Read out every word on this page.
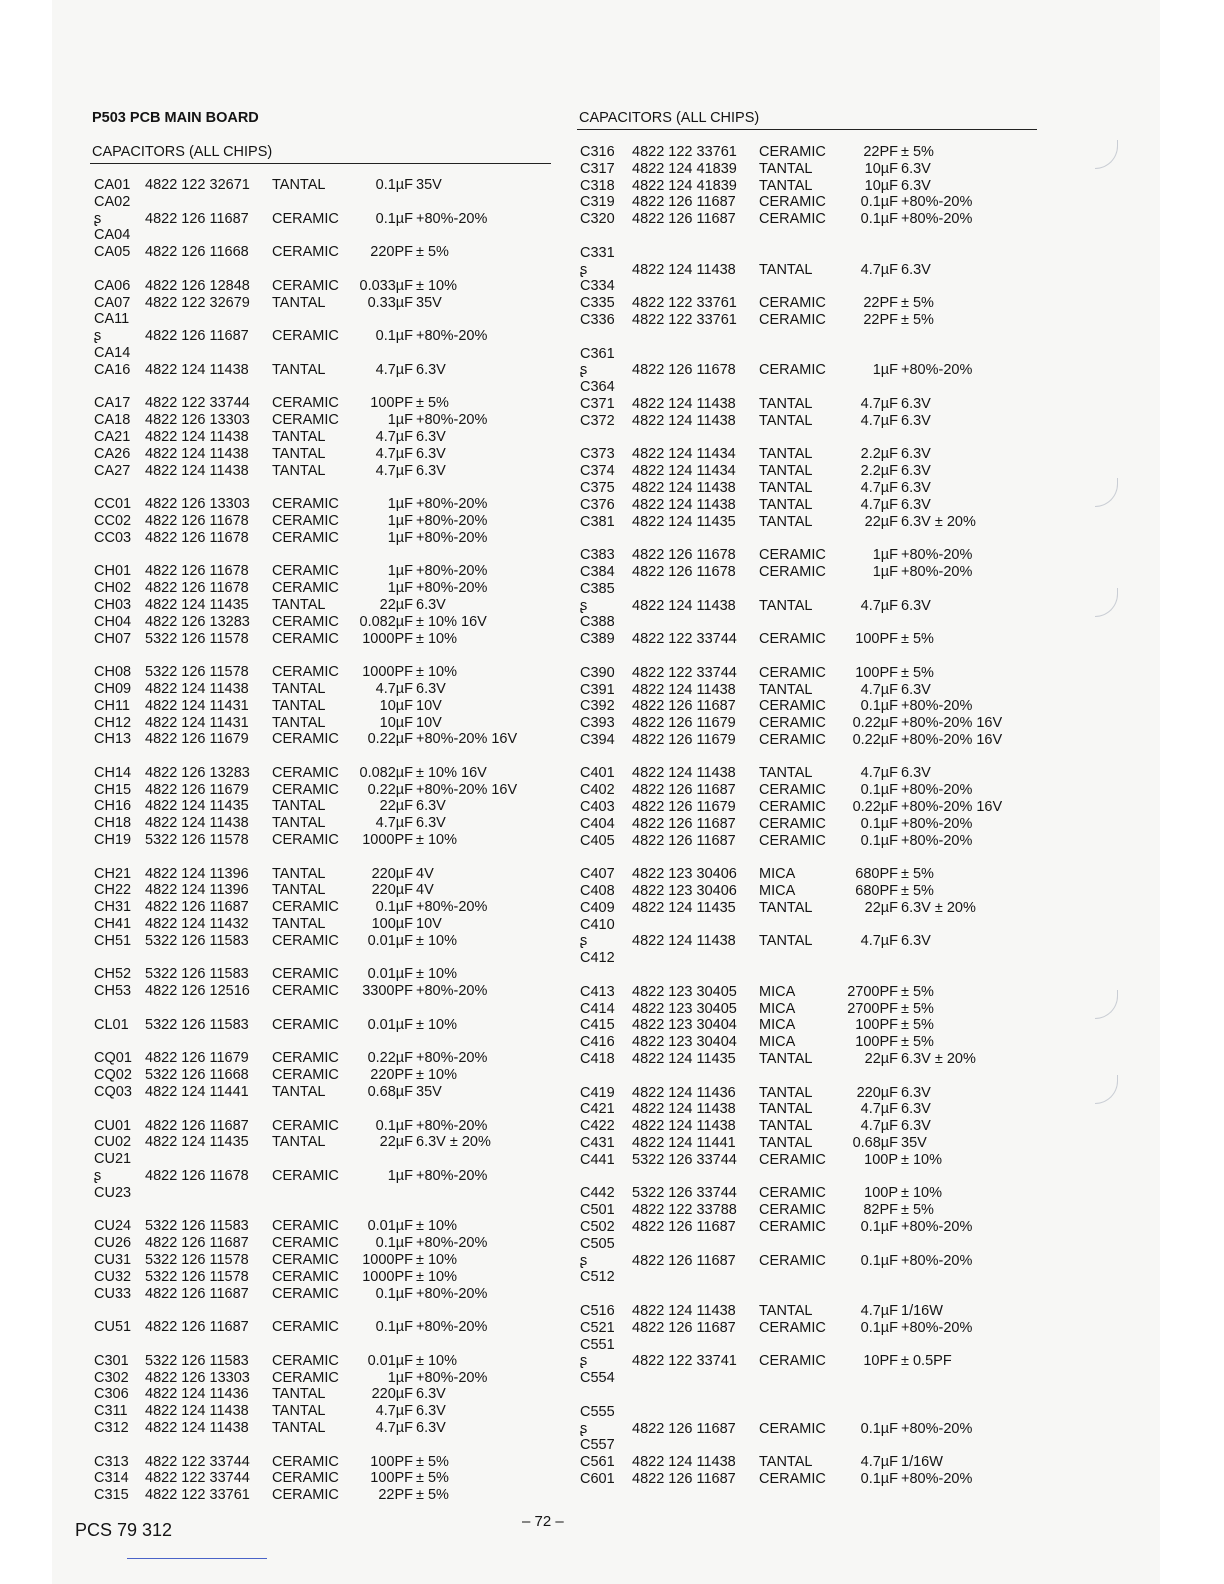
P503 PCB MAIN BOARD
CAPACITORS (ALL CHIPS)
CAPACITORS (ALL CHIPS)
CA01 4822 122 32671 TANTAL	0.1µF 35V
CA02
ʂ	4822 126 11687 CERAMIC	0.1µF +80%-20%
CA04
CA05 4822 126 11668 CERAMIC 220PF ± 5%
CA06 4822 126 12848 CERAMIC 0.033µF ± 10%
CA07 4822 122 32679 TANTAL	0.33µF 35V
CA11
ʂ	4822 126 11687 CERAMIC	0.1µF +80%-20%
CA14
CA16 4822 124 11438 TANTAL	4.7µF 6.3V
CA17 4822 122 33744 CERAMIC 100PF ± 5%
CA18 4822 126 13303 CERAMIC	1µF +80%-20%
CA21 4822 124 11438 TANTAL	4.7µF 6.3V
CA26 4822 124 11438 TANTAL	4.7µF 6.3V
CA27 4822 124 11438 TANTAL	4.7µF 6.3V
CC01 4822 126 13303 CERAMIC	1µF +80%-20%
CC02 4822 126 11678 CERAMIC	1µF +80%-20%
CC03 4822 126 11678 CERAMIC	1µF +80%-20%
CH01 4822 126 11678 CERAMIC	1µF +80%-20%
CH02 4822 126 11678 CERAMIC	1µF +80%-20%
CH03 4822 124 11435 TANTAL	22µF 6.3V
CH04 4822 126 13283 CERAMIC 0.082µF ± 10% 16V
CH07 5322 126 11578 CERAMIC 1000PF ± 10%
CH08 5322 126 11578 CERAMIC 1000PF ± 10%
CH09 4822 124 11438 TANTAL	4.7µF 6.3V
CH11 4822 124 11431 TANTAL	10µF 10V
CH12 4822 124 11431 TANTAL	10µF 10V
CH13 4822 126 11679 CERAMIC 0.22µF +80%-20% 16V
CH14 4822 126 13283 CERAMIC 0.082µF ± 10% 16V
CH15 4822 126 11679 CERAMIC 0.22µF +80%-20% 16V
CH16 4822 124 11435 TANTAL	22µF 6.3V
CH18 4822 124 11438 TANTAL	4.7µF 6.3V
CH19 5322 126 11578 CERAMIC 1000PF ± 10%
CH21 4822 124 11396 TANTAL	220µF 4V
CH22 4822 124 11396 TANTAL	220µF 4V
CH31 4822 126 11687 CERAMIC	0.1µF +80%-20%
CH41 4822 124 11432 TANTAL	100µF 10V
CH51 5322 126 11583 CERAMIC 0.01µF ± 10%
CH52 5322 126 11583 CERAMIC 0.01µF ± 10%
CH53 4822 126 12516 CERAMIC 3300PF +80%-20%
CL01 5322 126 11583 CERAMIC 0.01µF ± 10%
CQ01 4822 126 11679 CERAMIC 0.22µF +80%-20%
CQ02 5322 126 11668 CERAMIC 220PF ± 10%
CQ03 4822 124 11441 TANTAL	0.68µF 35V
CU01 4822 126 11687 CERAMIC	0.1µF +80%-20%
CU02 4822 124 11435 TANTAL	22µF 6.3V ± 20%
CU21
ʂ	4822 126 11678 CERAMIC	1µF +80%-20%
CU23
CU24 5322 126 11583 CERAMIC 0.01µF ± 10%
CU26 4822 126 11687 CERAMIC	0.1µF +80%-20%
CU31 5322 126 11578 CERAMIC 1000PF ± 10%
CU32 5322 126 11578 CERAMIC 1000PF ± 10%
CU33 4822 126 11687 CERAMIC	0.1µF +80%-20%
CU51 4822 126 11687 CERAMIC	0.1µF +80%-20%
C301 5322 126 11583 CERAMIC 0.01µF ± 10%
C302 4822 126 13303 CERAMIC	1µF +80%-20%
C306 4822 124 11436 TANTAL	220µF 6.3V
C311 4822 124 11438 TANTAL	4.7µF 6.3V
C312 4822 124 11438 TANTAL	4.7µF 6.3V
C313 4822 122 33744 CERAMIC 100PF ± 5%
C314 4822 122 33744 CERAMIC 100PF ± 5%
C315 4822 122 33761 CERAMIC	22PF ± 5%
C316 4822 122 33761 CERAMIC	22PF ± 5%
C317 4822 124 41839 TANTAL	10µF 6.3V
C318 4822 124 41839 TANTAL	10µF 6.3V
C319 4822 126 11687 CERAMIC 0.1µF +80%-20%
C320 4822 126 11687 CERAMIC 0.1µF +80%-20%
C331
ʂ	4822 124 11438 TANTAL	4.7µF 6.3V
C334
C335 4822 122 33761 CERAMIC	22PF ± 5%
C336 4822 122 33761 CERAMIC	22PF ± 5%
C361
ʂ	4822 126 11678 CERAMIC	1µF +80%-20%
C364
C371 4822 124 11438 TANTAL	4.7µF 6.3V
C372 4822 124 11438 TANTAL	4.7µF 6.3V
C373 4822 124 11434 TANTAL	2.2µF 6.3V
C374 4822 124 11434 TANTAL	2.2µF 6.3V
C375 4822 124 11438 TANTAL	4.7µF 6.3V
C376 4822 124 11438 TANTAL	4.7µF 6.3V
C381 4822 124 11435 TANTAL	22µF 6.3V ± 20%
C383 4822 126 11678 CERAMIC	1µF +80%-20%
C384 4822 126 11678 CERAMIC	1µF +80%-20%
C385
ʂ	4822 124 11438 TANTAL	4.7µF 6.3V
C388
C389 4822 122 33744 CERAMIC 100PF ± 5%
C390 4822 122 33744 CERAMIC 100PF ± 5%
C391 4822 124 11438 TANTAL	4.7µF 6.3V
C392 4822 126 11687 CERAMIC 0.1µF +80%-20%
C393 4822 126 11679 CERAMIC 0.22µF +80%-20% 16V
C394 4822 126 11679 CERAMIC 0.22µF +80%-20% 16V
C401 4822 124 11438 TANTAL	4.7µF 6.3V
C402 4822 126 11687 CERAMIC 0.1µF +80%-20%
C403 4822 126 11679 CERAMIC 0.22µF +80%-20% 16V
C404 4822 126 11687 CERAMIC 0.1µF +80%-20%
C405 4822 126 11687 CERAMIC 0.1µF +80%-20%
C407 4822 123 30406 MICA	680PF ± 5%
C408 4822 123 30406 MICA	680PF ± 5%
C409 4822 124 11435 TANTAL	22µF 6.3V ± 20%
C410
ʂ	4822 124 11438 TANTAL	4.7µF 6.3V
C412
C413 4822 123 30405 MICA	2700PF ± 5%
C414 4822 123 30405 MICA	2700PF ± 5%
C415 4822 123 30404 MICA	100PF ± 5%
C416 4822 123 30404 MICA	100PF ± 5%
C418 4822 124 11435 TANTAL	22µF 6.3V ± 20%
C419 4822 124 11436 TANTAL	220µF 6.3V
C421 4822 124 11438 TANTAL	4.7µF 6.3V
C422 4822 124 11438 TANTAL	4.7µF 6.3V
C431 4822 124 11441 TANTAL	0.68µF 35V
C441 5322 126 33744 CERAMIC	100P ± 10%
C442 5322 126 33744 CERAMIC	100P ± 10%
C501 4822 122 33788 CERAMIC	82PF ± 5%
C502 4822 126 11687 CERAMIC 0.1µF +80%-20%
C505
ʂ	4822 126 11687 CERAMIC 0.1µF +80%-20%
C512
C516 4822 124 11438 TANTAL	4.7µF 1/16W
C521 4822 126 11687 CERAMIC 0.1µF +80%-20%
C551
ʂ	4822 122 33741 CERAMIC	10PF ± 0.5PF
C554
C555
ʂ	4822 126 11687 CERAMIC 0.1µF +80%-20%
C557
C561 4822 124 11438 TANTAL	4.7µF 1/16W
C601 4822 126 11687 CERAMIC 0.1µF +80%-20%
– 72 –
PCS 79 312
